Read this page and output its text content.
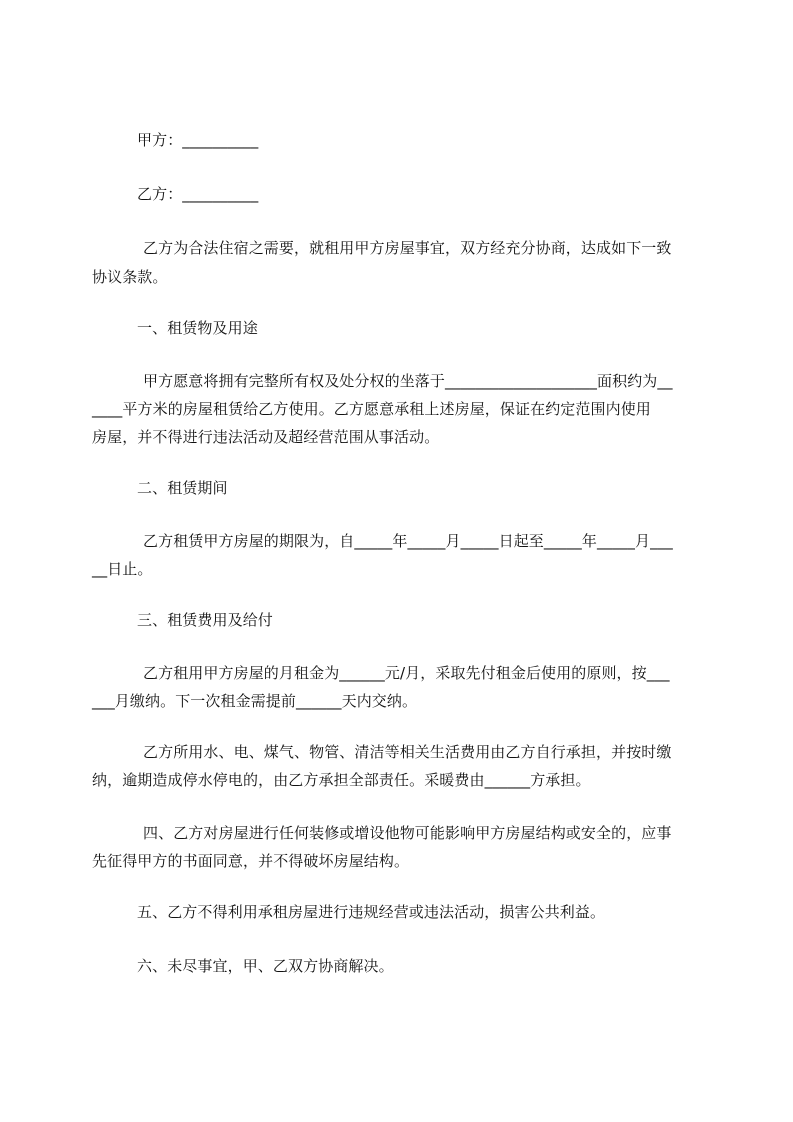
甲方：__________
乙方：__________
乙方为合法住宿之需要，就租用甲方房屋事宜，双方经充分协商，达成如下一致
协议条款。
一、租赁物及用途
甲方愿意将拥有完整所有权及处分权的坐落于____________________面积约为__
____平方米的房屋租赁给乙方使用。乙方愿意承租上述房屋，保证在约定范围内使用
房屋，并不得进行违法活动及超经营范围从事活动。
二、租赁期间
乙方租赁甲方房屋的期限为，自_____年_____月_____日起至_____年_____月___
__日止。
三、租赁费用及给付
乙方租用甲方房屋的月租金为______元/月，采取先付租金后使用的原则，按___
___月缴纳。下一次租金需提前______天内交纳。
乙方所用水、电、煤气、物管、清洁等相关生活费用由乙方自行承担，并按时缴
纳，逾期造成停水停电的，由乙方承担全部责任。采暖费由______方承担。
四、乙方对房屋进行任何装修或增设他物可能影响甲方房屋结构或安全的，应事
先征得甲方的书面同意，并不得破坏房屋结构。
五、乙方不得利用承租房屋进行违规经营或违法活动，损害公共利益。
六、未尽事宜，甲、乙双方协商解决。
